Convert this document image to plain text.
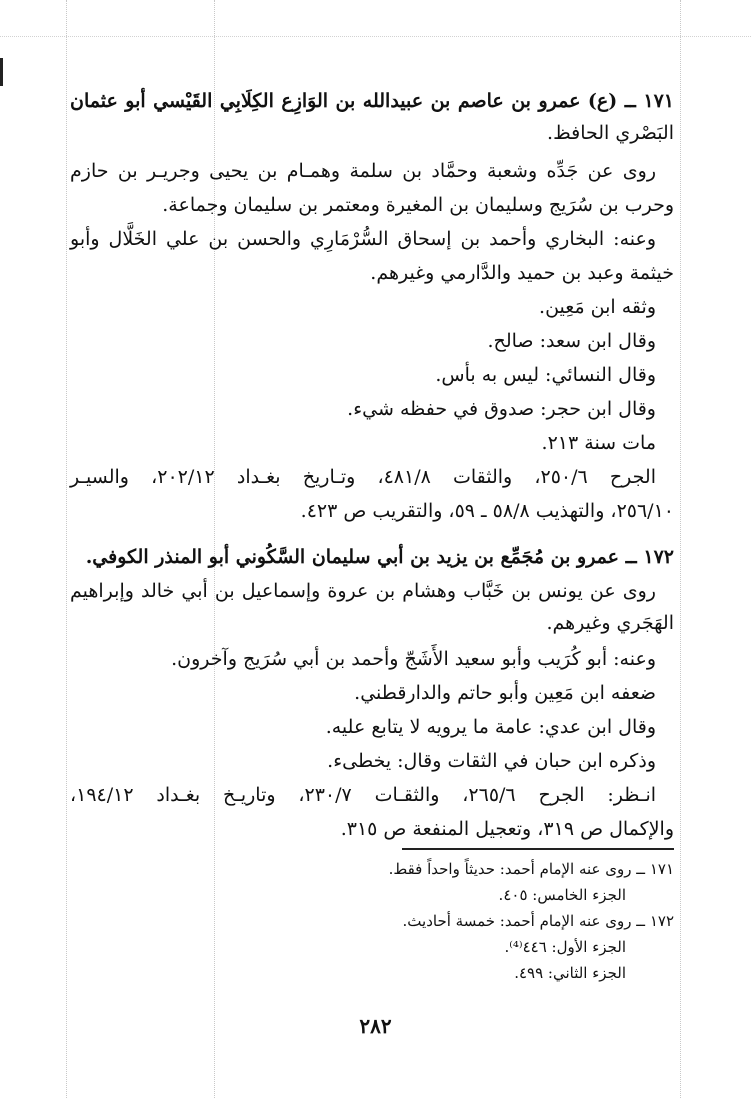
١٧١ ــ (ع) عمرو بن عاصم بن عبيدالله بن الوَازِع الكِلَابِي القَيْسي أبو عثمان
البَصْري الحافظ.
روى عن جَدِّه وشعبة وحمَّاد بن سلمة وهمـام بن يحيى وجريـر بن حازم
وحرب بن سُرَيج وسليمان بن المغيرة ومعتمر بن سليمان وجماعة.
وعنه: البخاري وأحمد بن إسحاق السُّرْمَارِي والحسن بن علي الخَلَّال وأبو
خيثمة وعبد بن حميد والدَّارمي وغيرهم.
وثقه ابن مَعِين.
وقال ابن سعد: صالح.
وقال النسائي: ليس به بأس.
وقال ابن حجر: صدوق في حفظه شيء.
مات سنة ٢١٣.
الجرح ٢٥٠/٦، والثقات ٤٨١/٨، وتـاريخ بغـداد ٢٠٢/١٢، والسيـر
٢٥٦/١٠، والتهذيب ٥٨/٨ ـ ٥٩، والتقريب ص ٤٢٣.
١٧٢ ــ عمرو بن مُجَمِّع بن يزيد بن أبي سليمان السَّكُوني أبو المنذر الكوفي.
روى عن يونس بن خَبَّاب وهشام بن عروة وإسماعيل بن أبي خالد وإبراهيم
الهَجَري وغيرهم.
وعنه: أبو كُرَيب وأبو سعيد الأَشَجّ وأحمد بن أبي سُرَيج وآخرون.
ضعفه ابن مَعِين وأبو حاتم والدارقطني.
وقال ابن عدي: عامة ما يرويه لا يتابع عليه.
وذكره ابن حبان في الثقات وقال: يخطىء.
انـظر: الجرح ٢٦٥/٦، والثقـات ٢٣٠/٧، وتاريـخ بغـداد ١٩٤/١٢،
والإكمال ص ٣١٩، وتعجيل المنفعة ص ٣١٥.
١٧١ ــ روى عنه الإمام أحمد: حديثاً واحداً فقط.
الجزء الخامس: ٤٠٥.
١٧٢ ــ روى عنه الإمام أحمد: خمسة أحاديث.
الجزء الأول: ٤٤٦⁽⁴⁾.
الجزء الثاني: ٤٩٩.
٢٨٢
